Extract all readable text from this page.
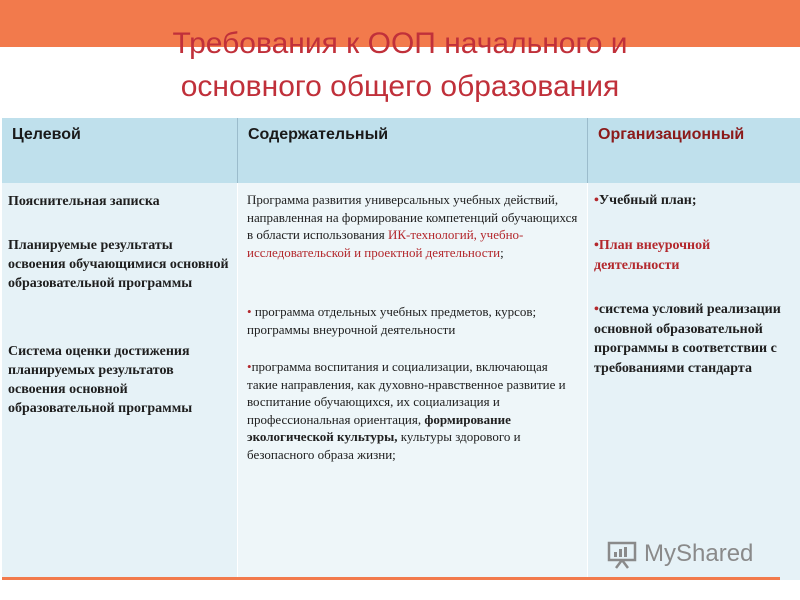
Требования к ООП начального и
основного общего образования
Целевой	Содержательный	Организационный

Пояснительная записка

Планируемые результаты освоения обучающимися основной образовательной программы

Система оценки достижения планируемых результатов освоения основной образовательной программы

Программа развития универсальных учебных действий, направленная на формирование компетенций обучающихся в области использования ИК-технологий, учебно-исследовательской и проектной деятельности;

• программа отдельных учебных предметов, курсов; программы внеурочной деятельности

•программа воспитания и социализации, включающая такие направления, как духовно-нравственное развитие и воспитание обучающихся, их социализация и профессиональная ориентация, формирование экологической культуры, культуры здорового и безопасного образа жизни;

•Учебный план;

•План внеурочной деятельности

•система условий реализации основной образовательной программы в соответствии с требованиями стандарта

MyShared
